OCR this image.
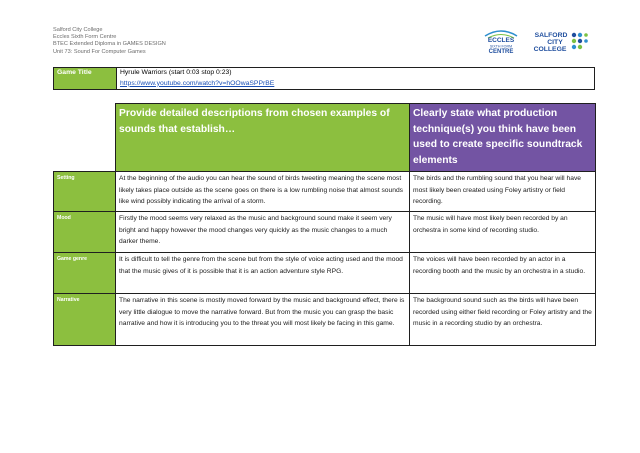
Salford City College
Eccles Sixth Form Centre
BTEC Extended Diploma in GAMES DESIGN
Unit 73: Sound For Computer Games
ECCLES
SIXTH FORM
CENTRE
SALFORD
CITY
COLLEGE
Game Title	Hyrule Warriors (start 0:03 stop 0:23)
https://www.youtube.com/watch?v=hOOwaSPPrBE
	Provide detailed descriptions from chosen examples of sounds that establish…	Clearly state what production technique(s) you think have been used to create specific soundtrack elements
Setting	At the beginning of the audio you can hear the sound of birds tweeting meaning the scene most likely takes place outside as the scene goes on there is a low rumbling noise that almost sounds like wind possibly indicating the arrival of a storm.	The birds and the rumbling sound that you hear will have most likely been created using Foley artistry or field recording.
Mood	Firstly the mood seems very relaxed as the music and background sound make it seem very bright and happy however the mood changes very quickly as the music changes to a much darker theme.	The music will have most likely been recorded by an orchestra in some kind of recording studio.
Game genre	It is difficult to tell the genre from the scene but from the style of voice acting used and the mood that the music gives of it is possible that it is an action adventure style RPG.	The voices will have been recorded by an actor in a recording booth and the music by an orchestra in a studio.
Narrative	The narrative in this scene is mostly moved forward by the music and background effect, there is very little dialogue to move the narrative forward. But from the music you can grasp the basic narrative and how it is introducing you to the threat you will most likely be facing in this game.	The background sound such as the birds will have been recorded using either field recording or Foley artistry and the music in a recording studio by an orchestra.
